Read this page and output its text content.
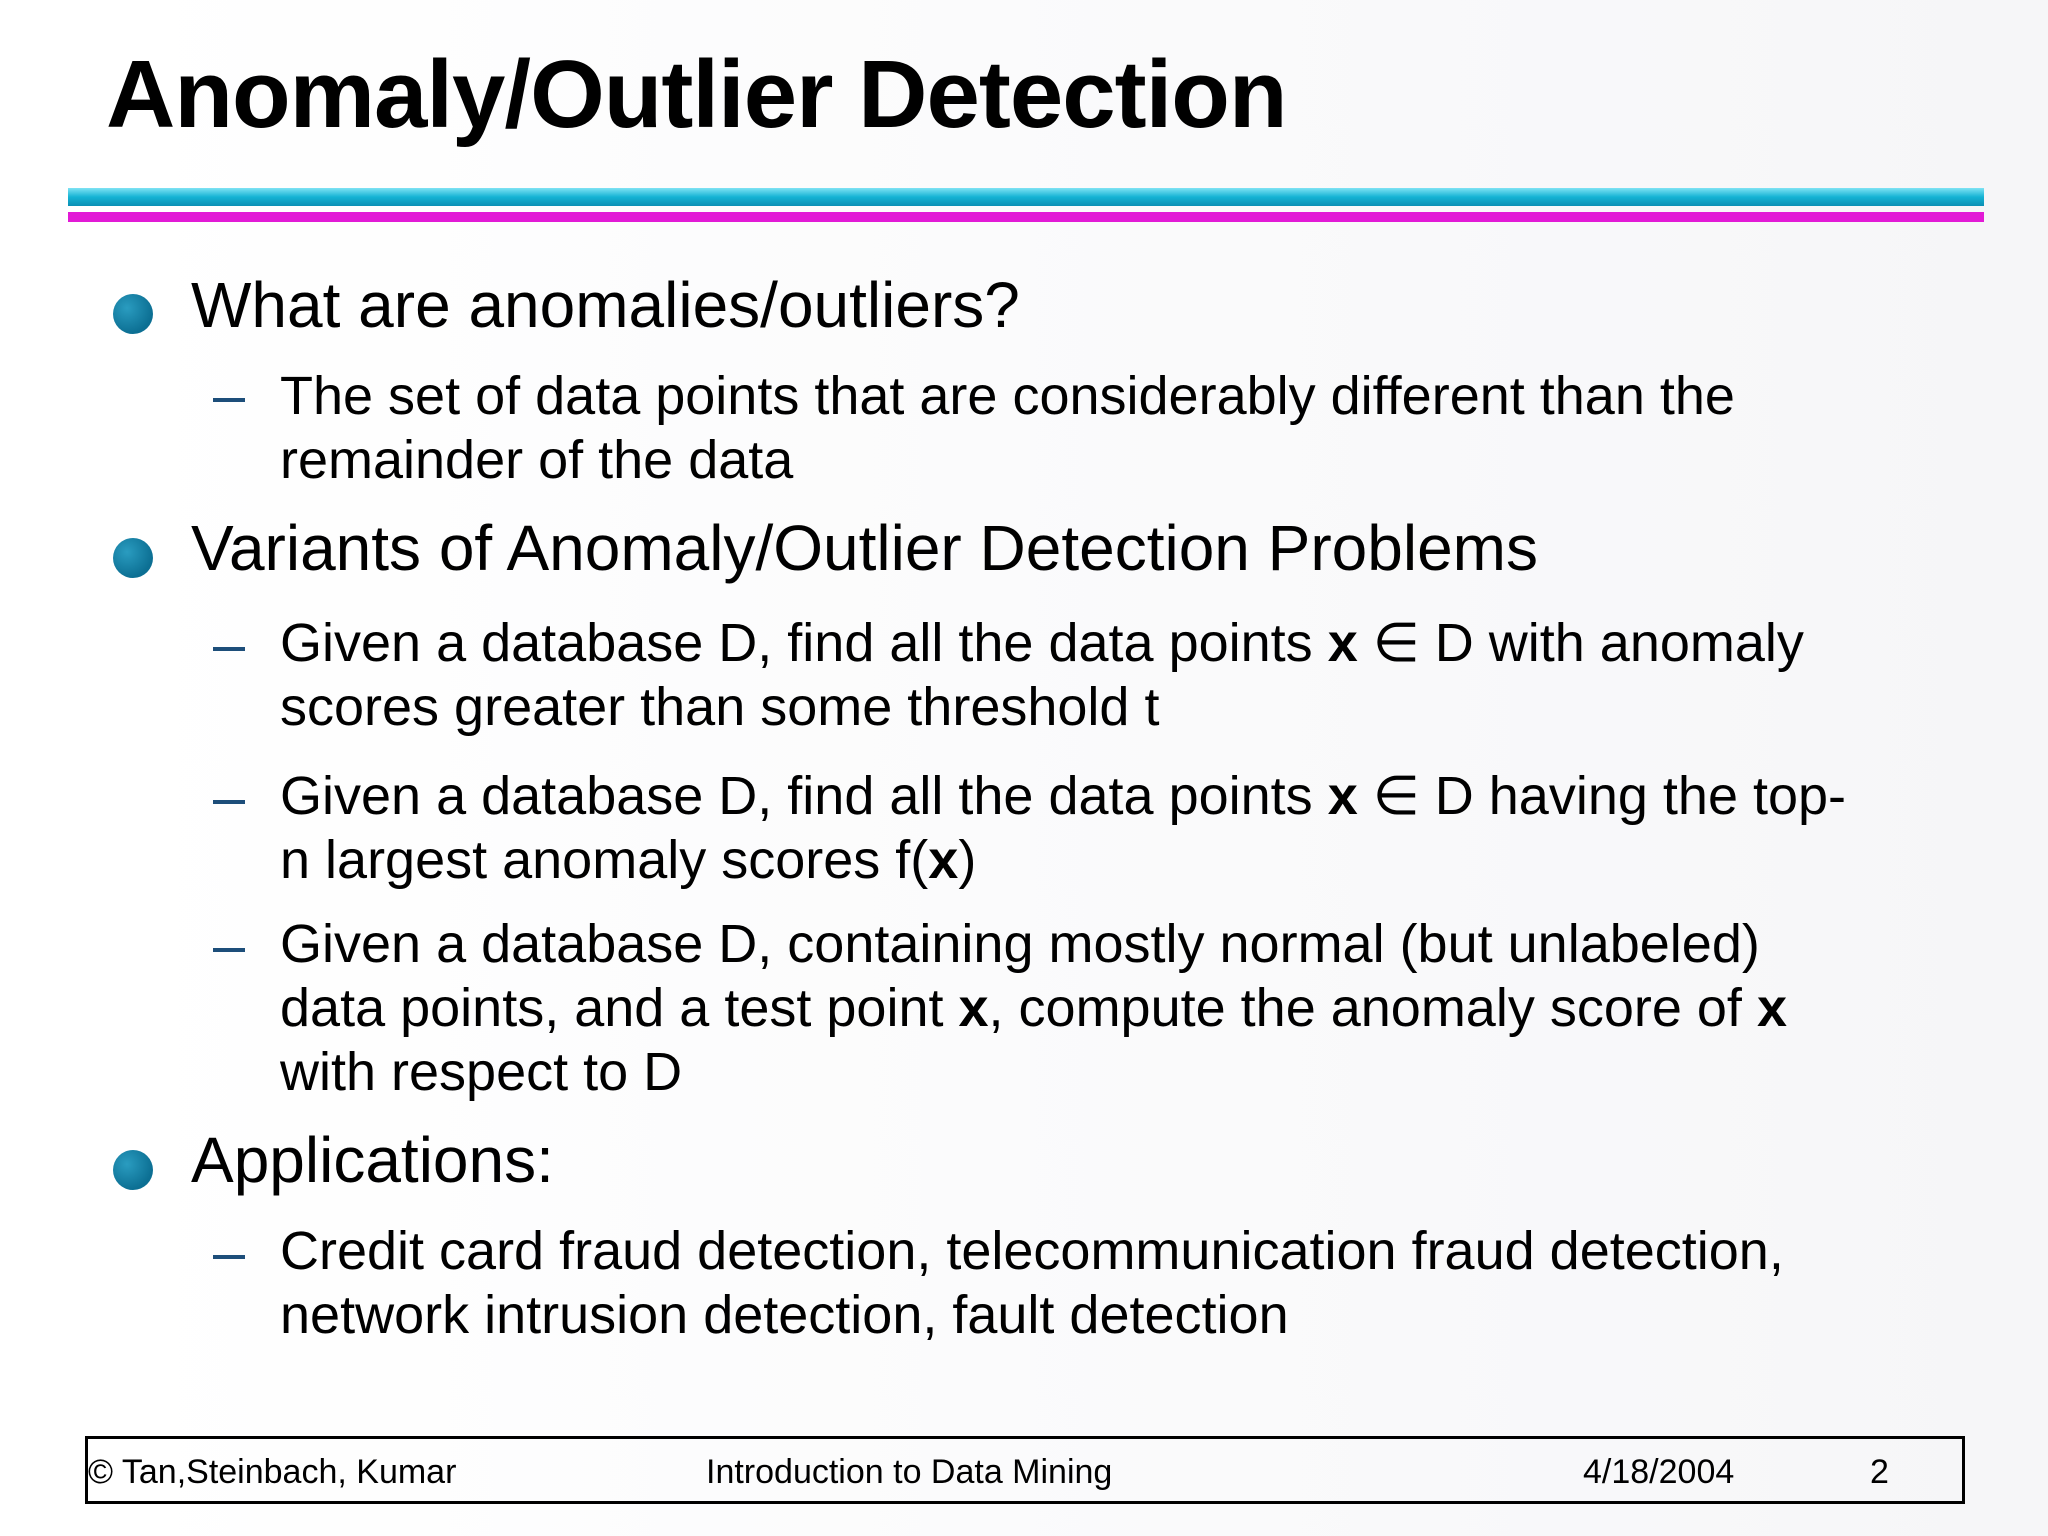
Anomaly/Outlier Detection
What are anomalies/outliers?
The set of data points that are considerably different than the
remainder of the data
Variants of Anomaly/Outlier Detection Problems
Given a database D, find all the data points x ∈ D with anomaly
scores greater than some threshold t
Given a database D, find all the data points x ∈ D having the top-
n largest anomaly scores f(x)
Given a database D, containing mostly normal (but unlabeled)
data points, and a test point x, compute the anomaly score of x
with respect to D
Applications:
Credit card fraud detection, telecommunication fraud detection,
network intrusion detection, fault detection
© Tan,Steinbach, Kumar	Introduction to Data Mining	4/18/2004	2
